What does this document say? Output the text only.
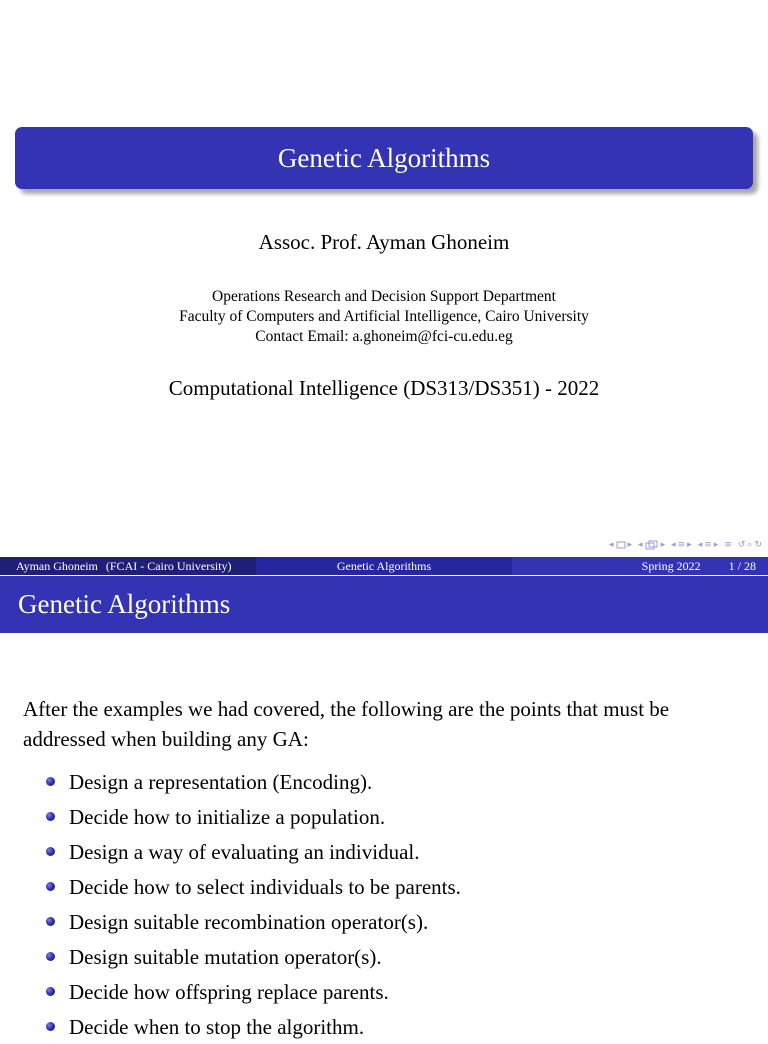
Genetic Algorithms
Assoc. Prof. Ayman Ghoneim
Operations Research and Decision Support Department
Faculty of Computers and Artificial Intelligence, Cairo University
Contact Email: a.ghoneim@fci-cu.edu.eg
Computational Intelligence (DS313/DS351) - 2022
◂ ▸ ◂ ▸ ◂ ≡ ▸ ◂ ≡ ▸ ≡ ↺ ⌕ ↻
Ayman Ghoneim (FCAI - Cairo University)	Genetic Algorithms	Spring 2022 1 / 28
Genetic Algorithms
After the examples we had covered, the following are the points that must be addressed when building any GA:
Design a representation (Encoding).
Decide how to initialize a population.
Design a way of evaluating an individual.
Decide how to select individuals to be parents.
Design suitable recombination operator(s).
Design suitable mutation operator(s).
Decide how offspring replace parents.
Decide when to stop the algorithm.
